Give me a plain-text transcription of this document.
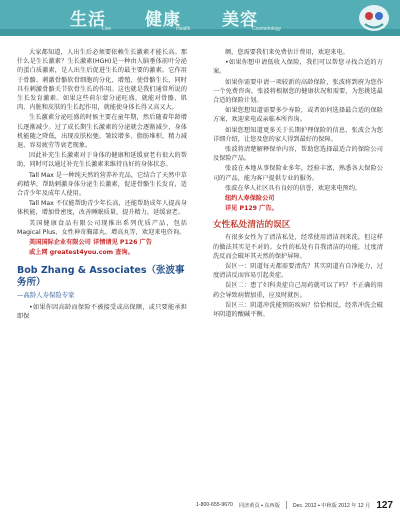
生活 健康 美容
Live	Health	Cosmetology

大家都知道，人出生后必须要依赖生长激素才能长高。那什么是生长激素？生长激素(HGH)是一种由人脑垂体前叶分泌的蛋白质激素，是人出生后促进生长的最主要的激素。它作用于骨骼、刺激骨骼软骨细胞的分化、增殖，使骨骼生长，同时具有刺激骨骼关节软骨生长的作用。这也就是我们通常所说的生长发育激素。如果这些荷尔蒙分泌旺盛，就能对骨骼、肌肉、内脏和皮肤的生长起作用，就能使身体长得又高又大。

生长激素分泌旺盛的时候主要在童年期，然后随着年龄增长逐渐减少。过了成长期生长激素的分泌就会逐渐减少，身体机能随之降低，出现皮肤松弛、皱纹增多、脂肪堆积、精力减退、容易疲劳等衰老现象。

因此补充生长激素对于身体的健康和延缓衰老有很大的帮助，同时可以通过补充生长激素来维持良好的身体状态。

Tall Max 是一种纯天然的营养补充品，它结合了天然中草药精华，帮助刺激身体分泌生长激素，促进骨骼生长发育，适合青少年及成年人使用。

Tall Max 不仅能帮助青少年长高，还能帮助成年人提高身体机能，增加骨密度，改善睡眠质量，提升精力，延缓衰老。

美国健康食品有限公司现推出系列优质产品，包括 Magical Plus、女性神奇胸部丸、增高丸等，欢迎来电咨询。

美国国际企业有限公司 详情请见 P126 广告

或上网 greatest4you.com 查询。

Bob Zhang & Associates（张波事务所）
—高龄人寿保险专家

•如果你因高龄而保险不被接受或高保额，或只要能承担即保

额，您需要我们来免费估计费用，欢迎来电。

•如果你想申请低收入保险，我们可以帮您寻找合适的方案。

如果你需要申请一项较新的高龄保险，张波将到府为您作一个免费咨询。张波将根据您的健康状况和需要，为您挑选最合适的保险计划。

如果您想知道需要多少寿险，或者如何选择最合适的保险方案，欢迎来电或亲临本所咨询。

如果您想知道更多关于长期护理保险的信息，张波会为您详细介绍，让您及您的家人得到最好的保障。

张波将清楚解释保单内容，帮助您选择最适合的保险公司及保险产品。

张波在本地从事保险业多年，经验丰富，熟悉各大保险公司的产品，能为客户提供专业的服务。

张波在华人社区具有良好的信誉，欢迎来电预约。

纽约人寿保险公司

详见 P129 广告。

女性私处清洁的误区

有很多女性为了清洁私处，经常使用清洁剂来洗，但这样的做法其实是不对的。女性的私处有自我清洁的功能，过度清洗反而会破坏其天然的保护屏障。

误区一：阴道每天都需要清洗？其实阴道有自净能力，过度清洁反而容易引起炎症。

误区二：患了妇科炎症自己用药就可以了吗？不正确的用药会导致病情加重，应及时就医。

误区三：阴道冲洗能预防疾病？恰恰相反，经常冲洗会破坏阴道的酸碱平衡。

1-800-655-9670 同济黄页 ▪ 东西版	Dec. 2012 ▪ 中秋版 2012 年 12 月 127
